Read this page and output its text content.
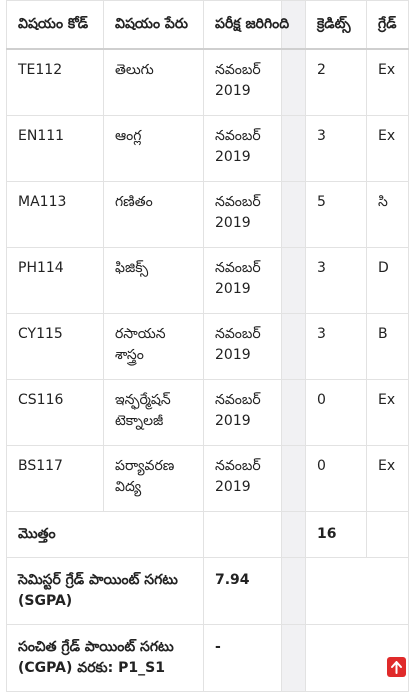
విషయం కోడ్	విషయం పేరు	పరీక్ష జరిగింది		క్రెడిట్స్	గ్రేడ్
TE112	తెలుగు	నవంబర్ 2019		2	Ex
EN111	ఆంగ్ల	నవంబర్ 2019		3	Ex
MA113	గణితం	నవంబర్ 2019		5	సి
PH114	ఫిజిక్స్	నవంబర్ 2019		3	D
CY115	రసాయన శాస్త్రం	నవంబర్ 2019		3	B
CS116	ఇన్ఫర్మేషన్ టెక్నాలజీ	నవంబర్ 2019		0	Ex
BS117	పర్యావరణ విద్య	నవంబర్ 2019		0	Ex
మొత్తం				16	
సెమిస్టర్ గ్రేడ్ పాయింట్ సగటు (SGPA)		7.94			
సంచిత గ్రేడ్ పాయింట్ సగటు (CGPA) వరకు: P1_S1		-			
